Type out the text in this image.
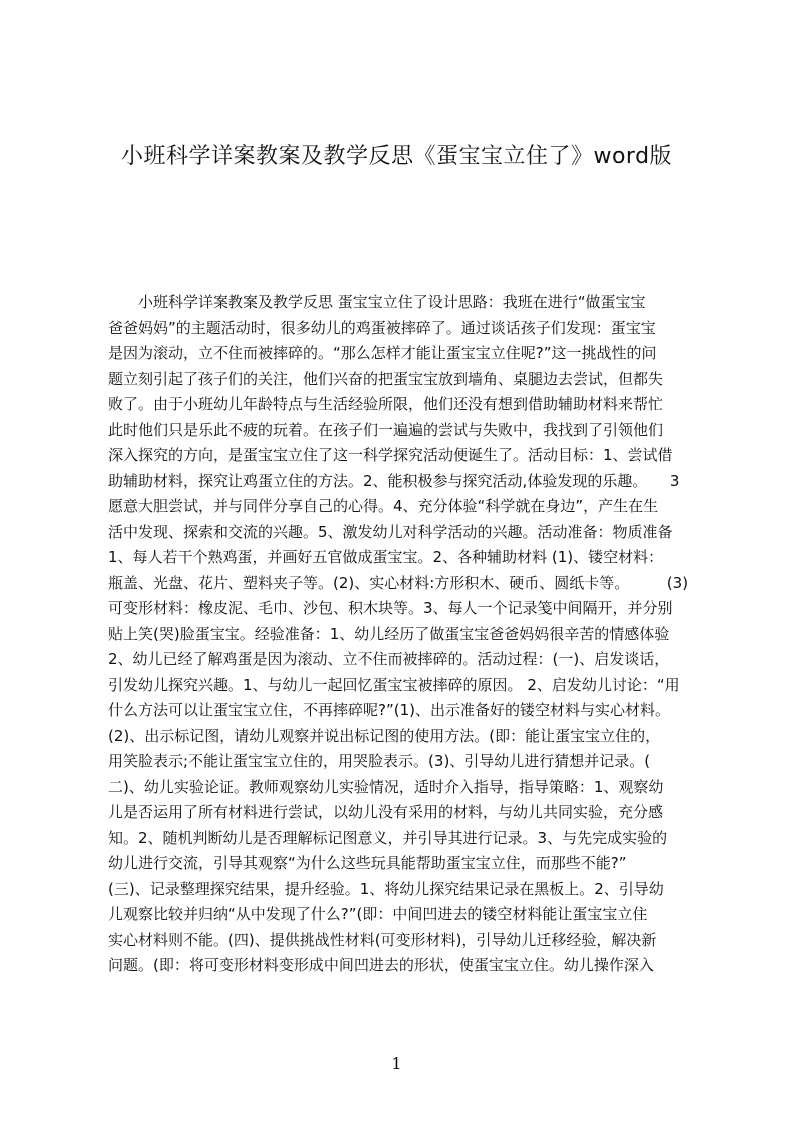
小班科学详案教案及教学反思《蛋宝宝立住了》word版
　　小班科学详案教案及教学反思 蛋宝宝立住了设计思路：我班在进行“做蛋宝宝
爸爸妈妈”的主题活动时，很多幼儿的鸡蛋被摔碎了。通过谈话孩子们发现：蛋宝宝
是因为滚动，立不住而被摔碎的。“那么怎样才能让蛋宝宝立住呢?”这一挑战性的问
题立刻引起了孩子们的关注，他们兴奋的把蛋宝宝放到墙角、桌腿边去尝试，但都失
败了。由于小班幼儿年龄特点与生活经验所限，他们还没有想到借助辅助材料来帮忙
此时他们只是乐此不疲的玩着。在孩子们一遍遍的尝试与失败中，我找到了引领他们
深入探究的方向，是蛋宝宝立住了这一科学探究活动便诞生了。活动目标：1、尝试借
助辅助材料，探究让鸡蛋立住的方法。2、能积极参与探究活动,体验发现的乐趣。　　3
愿意大胆尝试，并与同伴分享自己的心得。4、充分体验“科学就在身边”，产生在生
活中发现、探索和交流的兴趣。5、激发幼儿对科学活动的兴趣。活动准备：物质准备
1、每人若干个熟鸡蛋，并画好五官做成蛋宝宝。2、各种辅助材料 (1)、镂空材料：
瓶盖、光盘、花片、塑料夹子等。(2)、实心材料:方形积木、硬币、圆纸卡等。　　　(3)
可变形材料：橡皮泥、毛巾、沙包、积木块等。3、每人一个记录笺中间隔开，并分别
贴上笑(哭)脸蛋宝宝。经验准备：1、幼儿经历了做蛋宝宝爸爸妈妈很辛苦的情感体验
2、幼儿已经了解鸡蛋是因为滚动、立不住而被摔碎的。活动过程：(一)、启发谈话，
引发幼儿探究兴趣。1、与幼儿一起回忆蛋宝宝被摔碎的原因。 2、启发幼儿讨论：“用
什么方法可以让蛋宝宝立住，不再摔碎呢?”(1)、出示准备好的镂空材料与实心材料。
(2)、出示标记图，请幼儿观察并说出标记图的使用方法。(即：能让蛋宝宝立住的，
用笑脸表示;不能让蛋宝宝立住的，用哭脸表示。(3)、引导幼儿进行猜想并记录。(
二)、幼儿实验论证。教师观察幼儿实验情况，适时介入指导，指导策略：1、观察幼
儿是否运用了所有材料进行尝试，以幼儿没有采用的材料，与幼儿共同实验，充分感
知。2、随机判断幼儿是否理解标记图意义，并引导其进行记录。3、与先完成实验的
幼儿进行交流，引导其观察“为什么这些玩具能帮助蛋宝宝立住，而那些不能?”
(三)、记录整理探究结果，提升经验。1、将幼儿探究结果记录在黑板上。2、引导幼
儿观察比较并归纳“从中发现了什么?”(即：中间凹进去的镂空材料能让蛋宝宝立住
实心材料则不能。(四)、提供挑战性材料(可变形材料)，引导幼儿迁移经验，解决新
问题。(即：将可变形材料变形成中间凹进去的形状，使蛋宝宝立住。幼儿操作深入
1
